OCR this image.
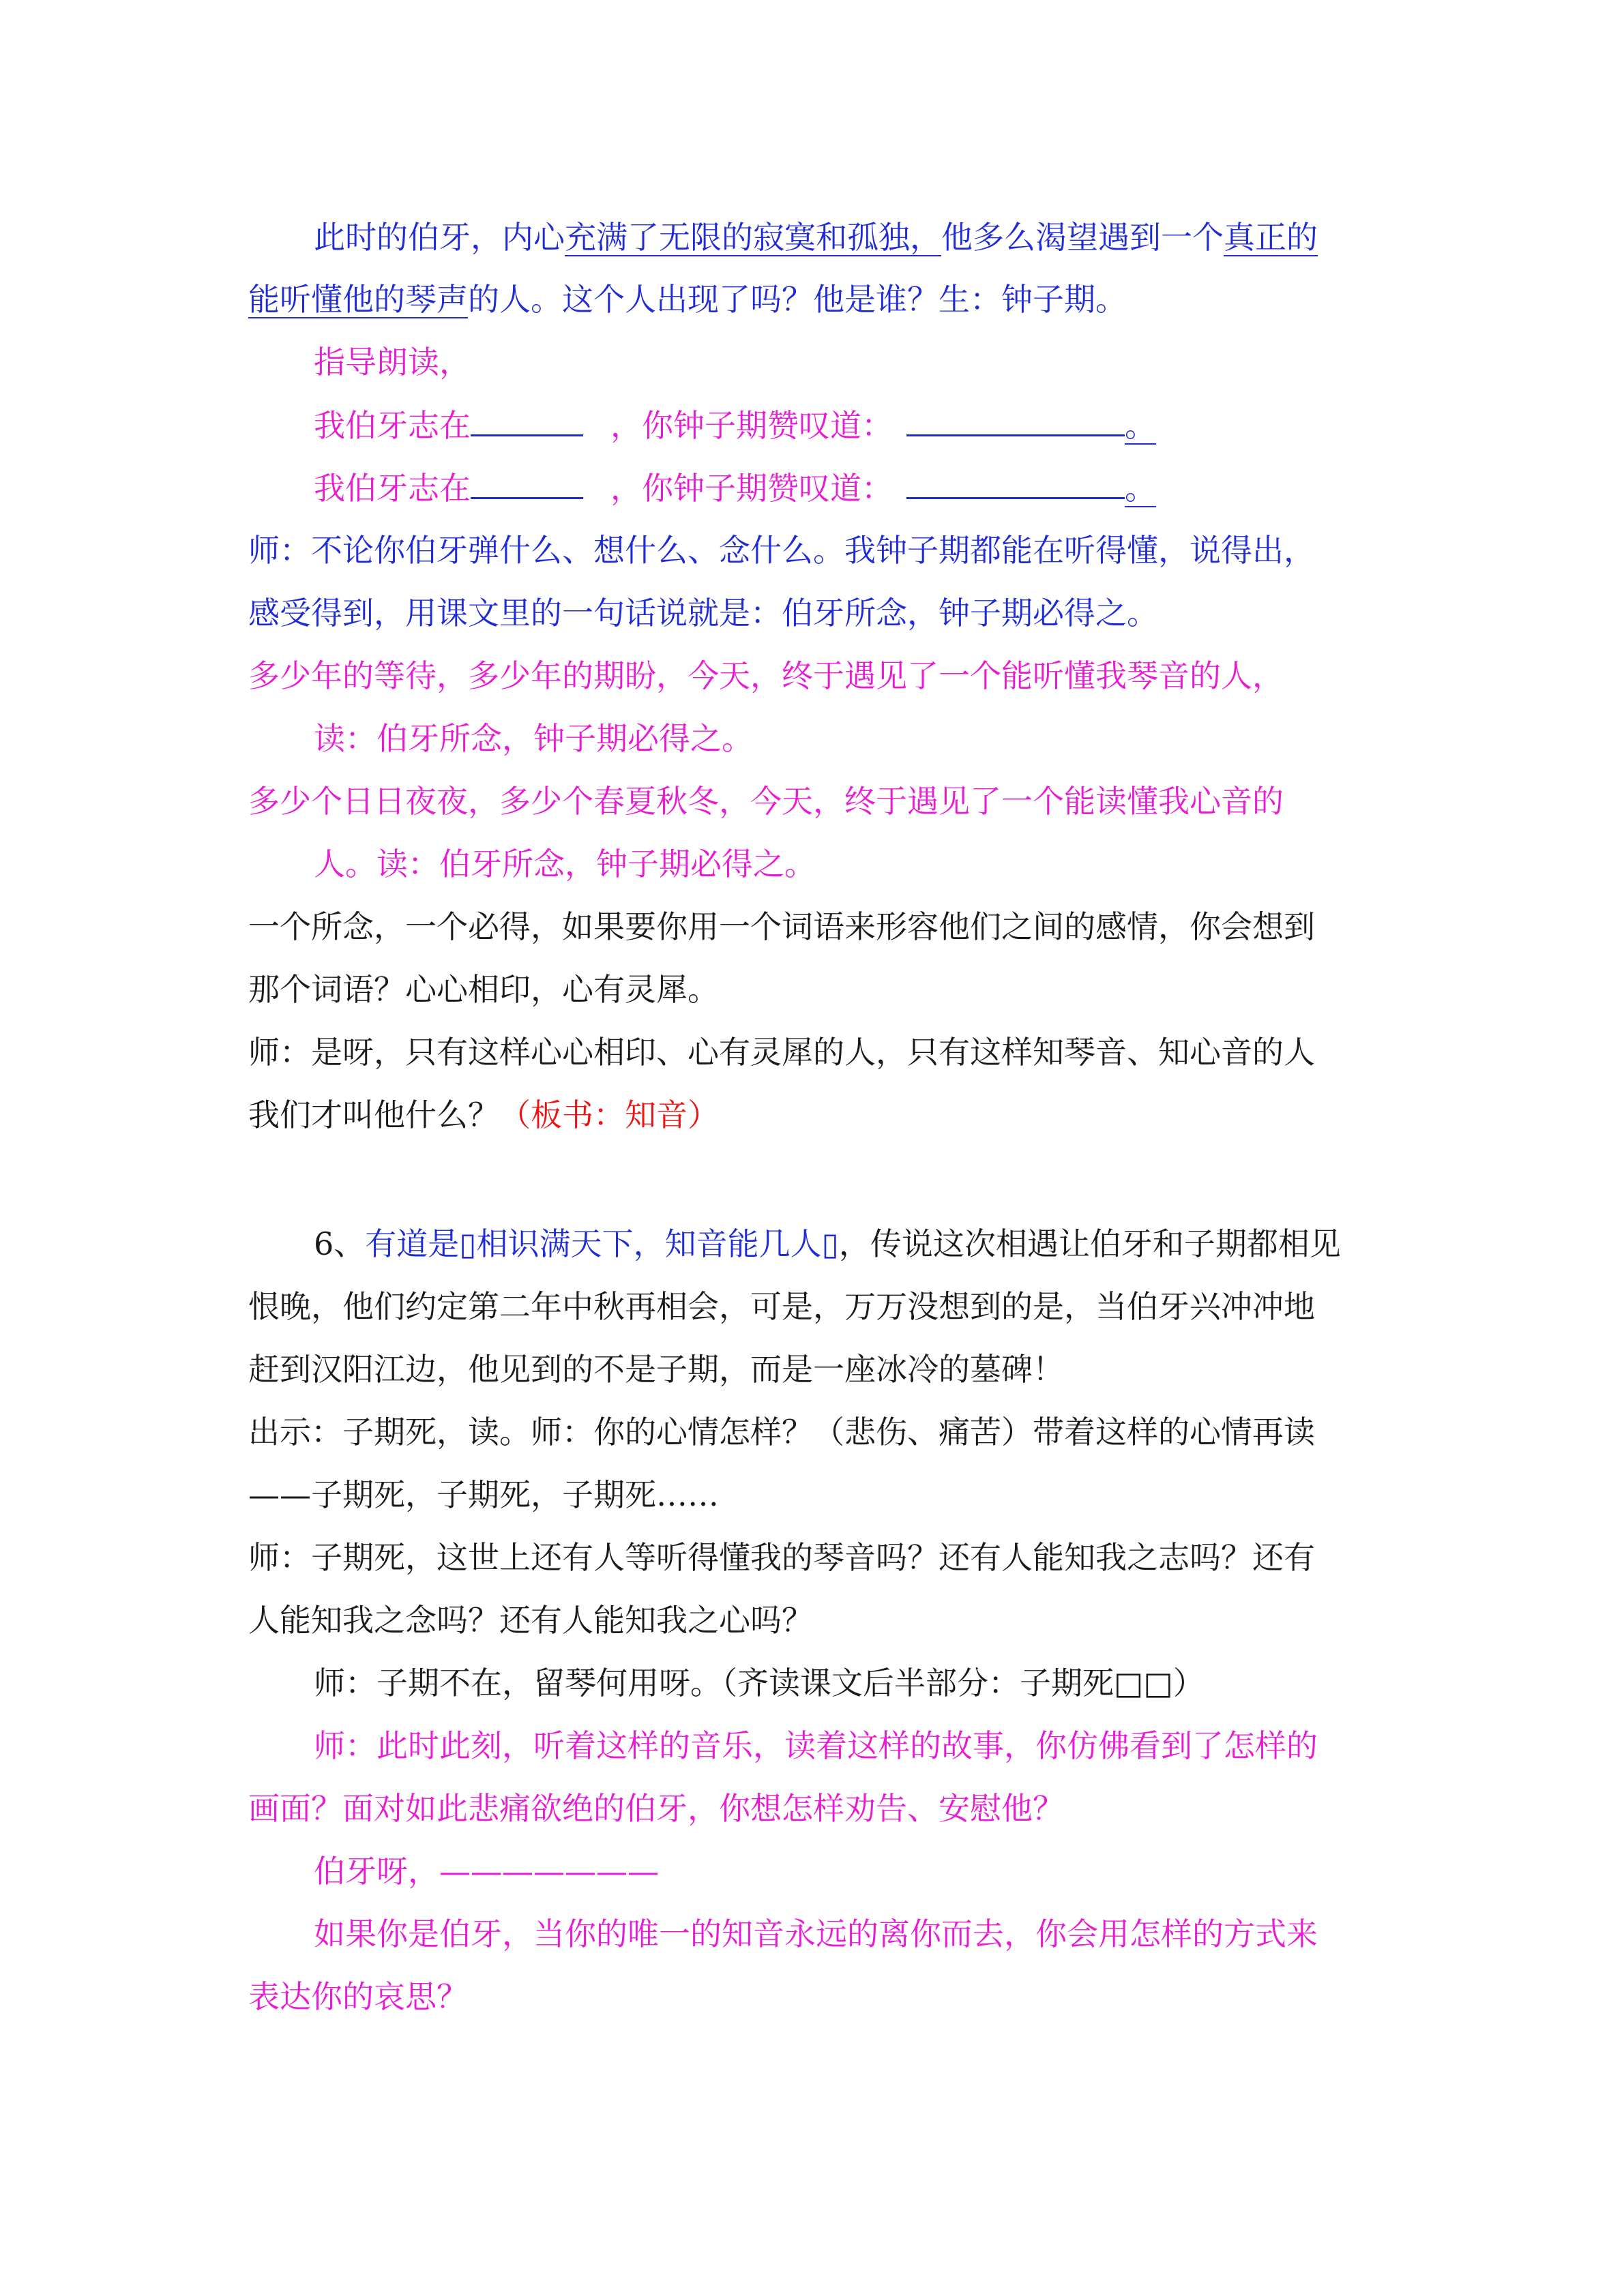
此时的伯牙，内心充满了无限的寂寞和孤独，他多么渴望遇到一个真正的
能听懂他的琴声的人。这个人出现了吗？他是谁？生：钟子期。
指导朗读，
我伯牙志在	，你钟子期赞叹道：	。
我伯牙志在	，你钟子期赞叹道：	。
师：不论你伯牙弹什么、想什么、念什么。我钟子期都能在听得懂，说得出，
感受得到，用课文里的一句话说就是：伯牙所念，钟子期必得之。
多少年的等待，多少年的期盼，今天，终于遇见了一个能听懂我琴音的人，
读：伯牙所念，钟子期必得之。
多少个日日夜夜，多少个春夏秋冬，今天，终于遇见了一个能读懂我心音的
人。读：伯牙所念，钟子期必得之。
一个所念，一个必得，如果要你用一个词语来形容他们之间的感情，你会想到
那个词语？心心相印，心有灵犀。
师：是呀，只有这样心心相印、心有灵犀的人，只有这样知琴音、知心音的人
我们才叫他什么？（板书：知音）
6、有道是▯相识满天下，知音能几人▯，传说这次相遇让伯牙和子期都相见
恨晚，他们约定第二年中秋再相会，可是，万万没想到的是，当伯牙兴冲冲地
赶到汉阳江边，他见到的不是子期，而是一座冰冷的墓碑！
出示：子期死，读。师：你的心情怎样？（悲伤、痛苦）带着这样的心情再读
——子期死，子期死，子期死……
师：子期死，这世上还有人等听得懂我的琴音吗？还有人能知我之志吗？还有
人能知我之念吗？还有人能知我之心吗？
师：子期不在，留琴何用呀。（齐读课文后半部分：子期死□□）
师：此时此刻，听着这样的音乐，读着这样的故事，你仿佛看到了怎样的
画面？面对如此悲痛欲绝的伯牙，你想怎样劝告、安慰他？
伯牙呀，———————
如果你是伯牙，当你的唯一的知音永远的离你而去，你会用怎样的方式来
表达你的哀思？
